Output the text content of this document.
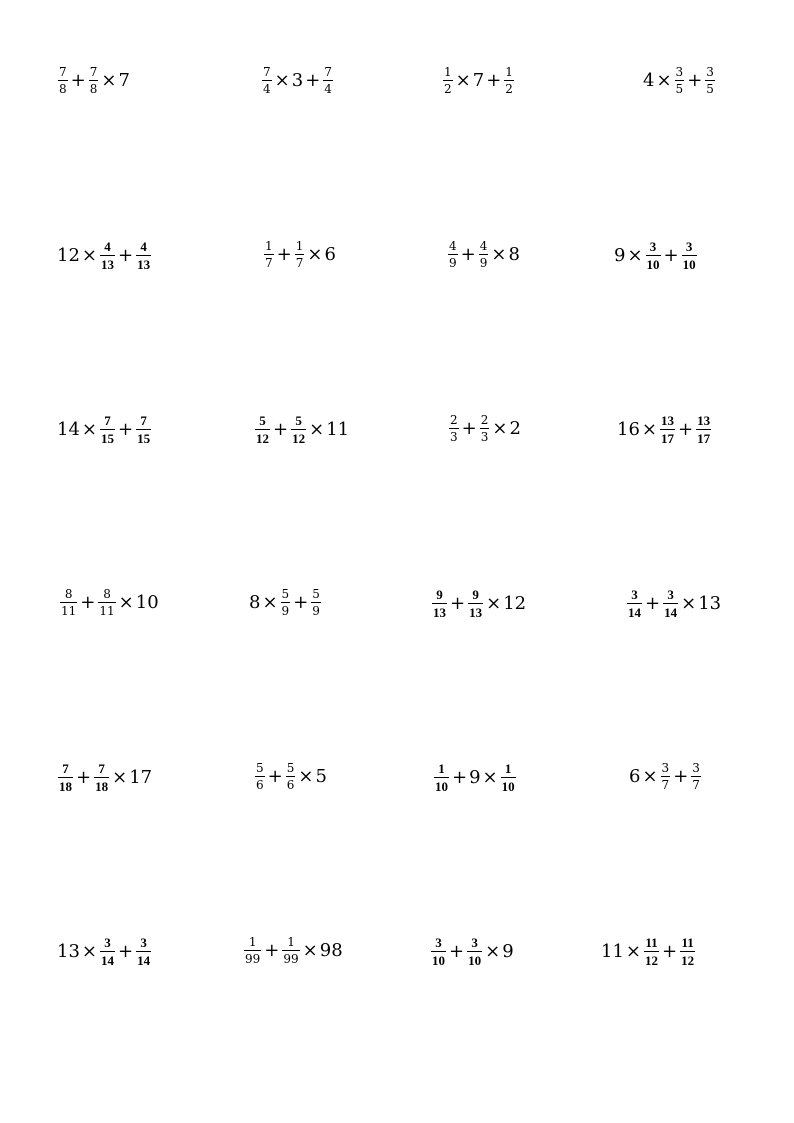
$\frac{7}{8} + \frac{7}{8} \times 7$	$\frac{7}{4} \times 3 + \frac{7}{4}$	$\frac{1}{2} \times 7 + \frac{1}{2}$	$4 \times \frac{3}{5} + \frac{3}{5}$
$12 \times \frac{4}{13} + \frac{4}{13}$	$\frac{1}{7} + \frac{1}{7} \times 6$	$\frac{4}{9} + \frac{4}{9} \times 8$	$9 \times \frac{3}{10} + \frac{3}{10}$
$14 \times \frac{7}{15} + \frac{7}{15}$	$\frac{5}{12} + \frac{5}{12} \times 11$	$\frac{2}{3} + \frac{2}{3} \times 2$	$16 \times \frac{13}{17} + \frac{13}{17}$
$\frac{8}{11} + \frac{8}{11} \times 10$	$8 \times \frac{5}{9} + \frac{5}{9}$	$\frac{9}{13} + \frac{9}{13} \times 12$	$\frac{3}{14} + \frac{3}{14} \times 13$
$\frac{7}{18} + \frac{7}{18} \times 17$	$\frac{5}{6} + \frac{5}{6} \times 5$	$\frac{1}{10} + 9 \times \frac{1}{10}$	$6 \times \frac{3}{7} + \frac{3}{7}$
$13 \times \frac{3}{14} + \frac{3}{14}$	$\frac{1}{99} + \frac{1}{99} \times 98$	$\frac{3}{10} + \frac{3}{10} \times 9$	$11 \times \frac{11}{12} + \frac{11}{12}$
